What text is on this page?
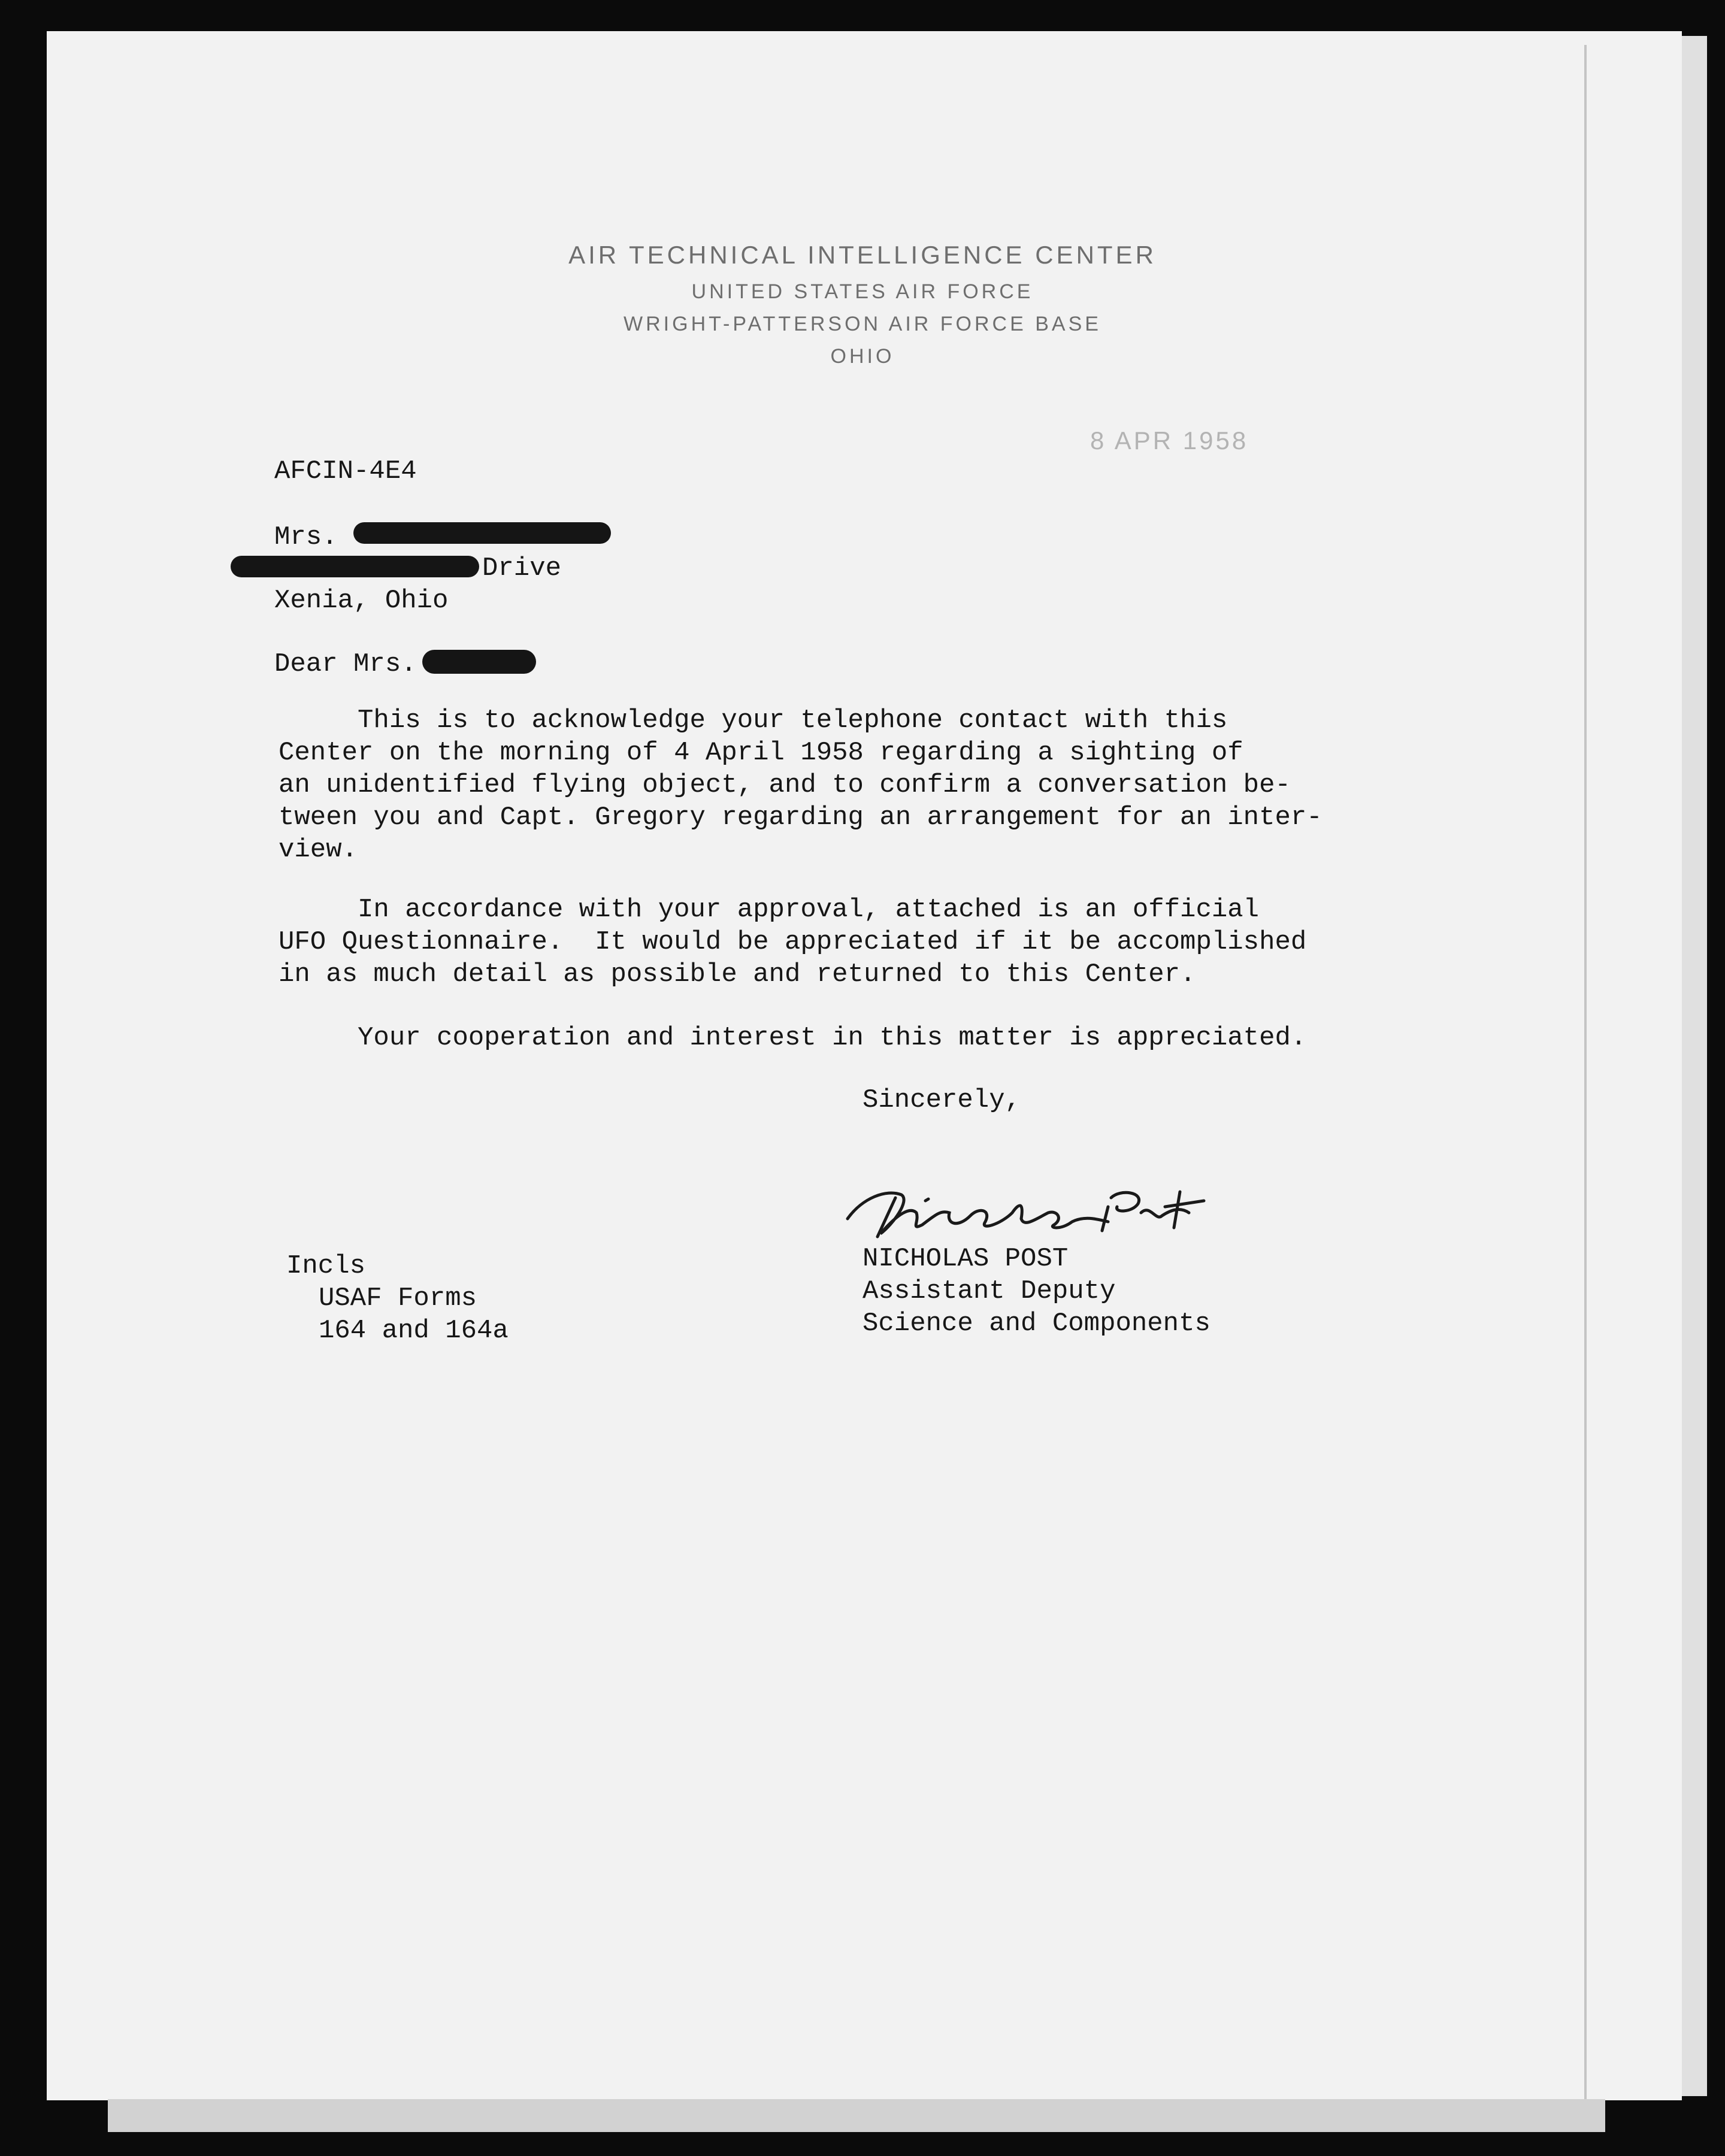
AIR TECHNICAL INTELLIGENCE CENTER
UNITED STATES AIR FORCE
WRIGHT-PATTERSON AIR FORCE BASE
OHIO
8 APR 1958
AFCIN-4E4
Mrs.
Drive
Xenia, Ohio
Dear Mrs.
This is to acknowledge your telephone contact with this
Center on the morning of 4 April 1958 regarding a sighting of
an unidentified flying object, and to confirm a conversation be-
tween you and Capt. Gregory regarding an arrangement for an inter-
view.
In accordance with your approval, attached is an official
UFO Questionnaire.  It would be appreciated if it be accomplished
in as much detail as possible and returned to this Center.
Your cooperation and interest in this matter is appreciated.
Sincerely,
NICHOLAS POST
Assistant Deputy
Science and Components
Incls
USAF Forms
164 and 164a
